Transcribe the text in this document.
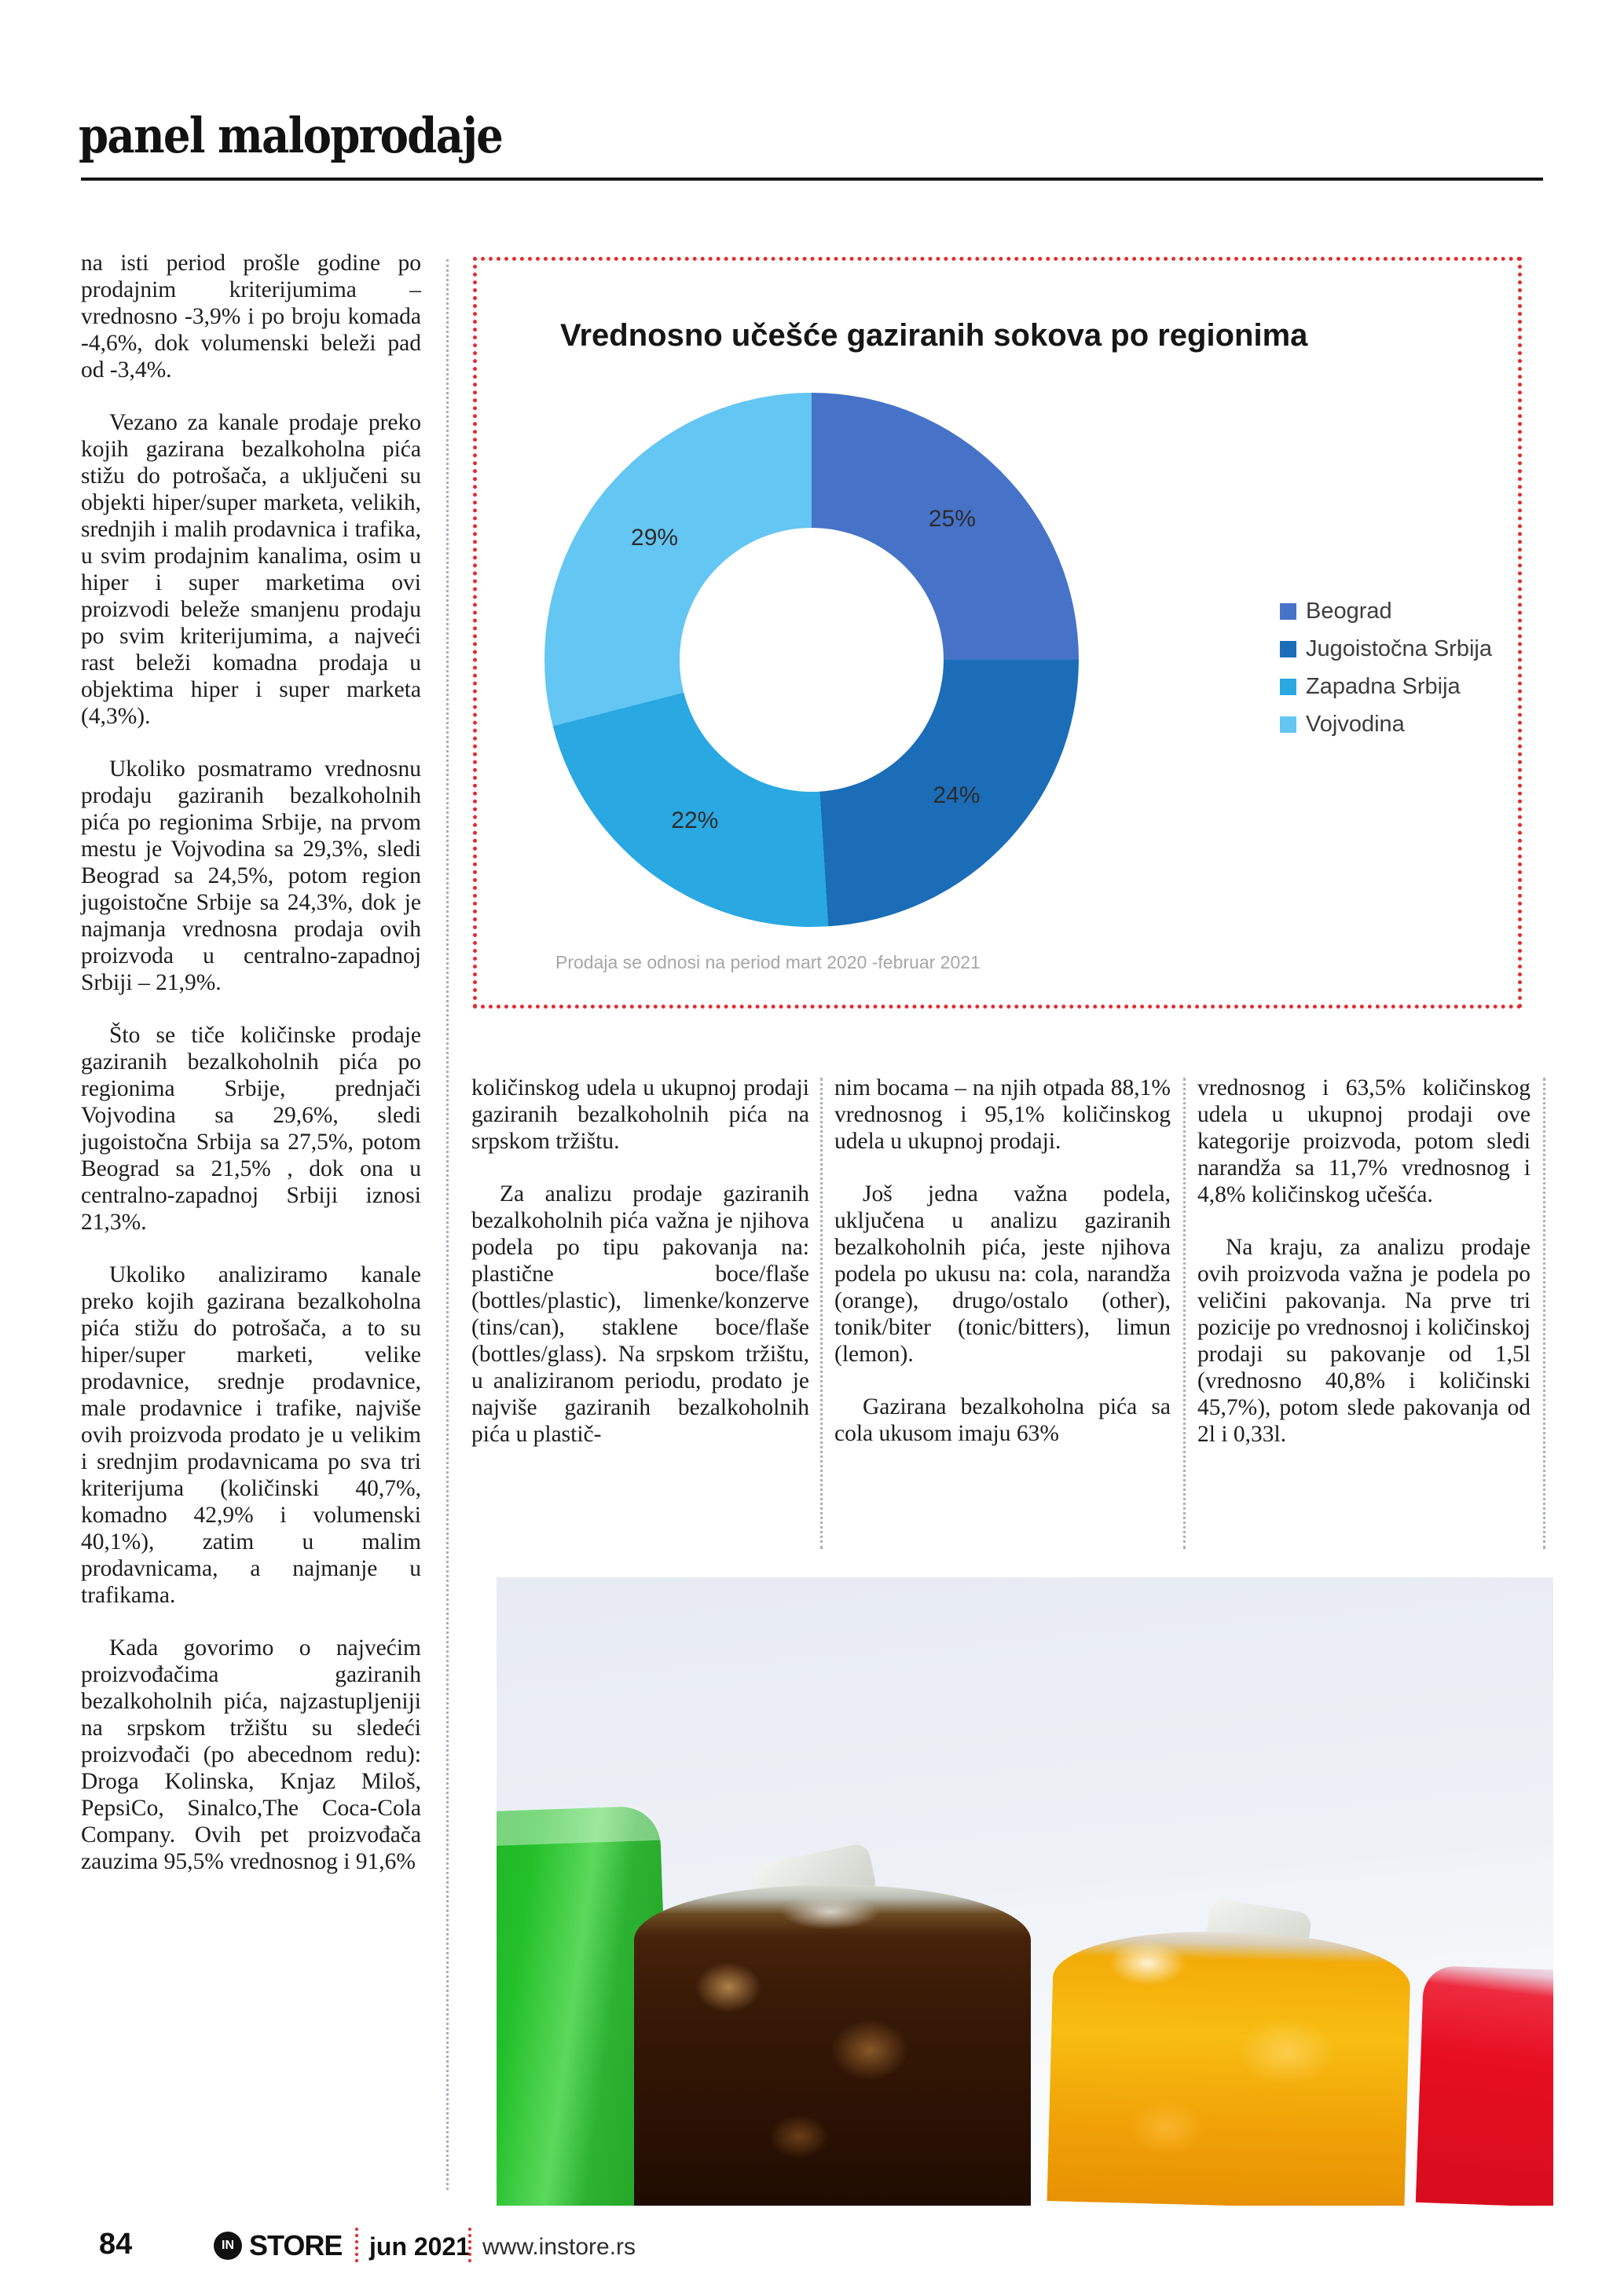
panel maloprodaje

na isti period prošle godine po prodajnim kriterijumima – vrednosno -3,9% i po broju komada -4,6%, dok volumenski beleži pad od -3,4%.

Vezano za kanale prodaje preko kojih gazirana bezalkoholna pića stižu do potrošača, a uključeni su objekti hiper/super marketa, velikih, srednjih i malih prodavnica i trafika, u svim prodajnim kanalima, osim u hiper i super marketima ovi proizvodi beleže smanjenu prodaju po svim kriterijumima, a najveći rast beleži komadna prodaja u objektima hiper i super marketa (4,3%).

Ukoliko posmatramo vrednosnu prodaju gaziranih bezalkoholnih pića po regionima Srbije, na prvom mestu je Vojvodina sa 29,3%, sledi Beograd sa 24,5%, potom region jugoistočne Srbije sa 24,3%, dok je najmanja vrednosna prodaja ovih proizvoda u centralno-zapadnoj Srbiji – 21,9%.

Što se tiče količinske prodaje gaziranih bezalkoholnih pića po regionima Srbije, prednjači Vojvodina sa 29,6%, sledi jugoistočna Srbija sa 27,5%, potom Beograd sa 21,5% , dok ona u centralno-zapadnoj Srbiji iznosi 21,3%.

Ukoliko analiziramo kanale preko kojih gazirana bezalkoholna pića stižu do potrošača, a to su hiper/super marketi, velike prodavnice, srednje prodavnice, male prodavnice i trafike, najviše ovih proizvoda prodato je u velikim i srednjim prodavnicama po sva tri kriterijuma (količinski 40,7%, komadno 42,9% i volumenski 40,1%), zatim u malim prodavnicama, a najmanje u trafikama.

Kada govorimo o najvećim proizvođačima gaziranih bezalkoholnih pića, najzastupljeniji na srpskom tržištu su sledeći proizvođači (po abecednom redu): Droga Kolinska, Knjaz Miloš, PepsiCo, Sinalco,The Coca-Cola Company. Ovih pet proizvođača zauzima 95,5% vrednosnog i 91,6%

Vrednosno učešće gaziranih sokova po regionima
25%
24%
22%
29%
Beograd
Jugoistočna Srbija
Zapadna Srbija
Vojvodina
Prodaja se odnosi na period mart 2020 -februar 2021

količinskog udela u ukupnoj prodaji gaziranih bezalkoholnih pića na srpskom tržištu.

Za analizu prodaje gaziranih bezalkoholnih pića važna je njihova podela po tipu pakovanja na: plastične boce/flaše (bottles/plastic), limenke/konzerve (tins/can), staklene boce/flaše (bottles/glass). Na srpskom tržištu, u analiziranom periodu, prodato je najviše gaziranih bezalkoholnih pića u plastič-

nim bocama – na njih otpada 88,1% vrednosnog i 95,1% količinskog udela u ukupnoj prodaji.

Još jedna važna podela, uključena u analizu gaziranih bezalkoholnih pića, jeste njihova podela po ukusu na: cola, narandža (orange), drugo/ostalo (other), tonik/biter (tonic/bitters), limun (lemon).

Gazirana bezalkoholna pića sa cola ukusom imaju 63%

vrednosnog i 63,5% količinskog udela u ukupnoj prodaji ove kategorije proizvoda, potom sledi narandža sa 11,7% vrednosnog i 4,8% količinskog učešća.

Na kraju, za analizu prodaje ovih proizvoda važna je podela po veličini pakovanja. Na prve tri pozicije po vrednosnoj i količinskoj prodaji su pakovanje od 1,5l (vrednosno 40,8% i količinski 45,7%), potom slede pakovanja od 2l i 0,33l.

84	IN STORE jun 2021 www.instore.rs
